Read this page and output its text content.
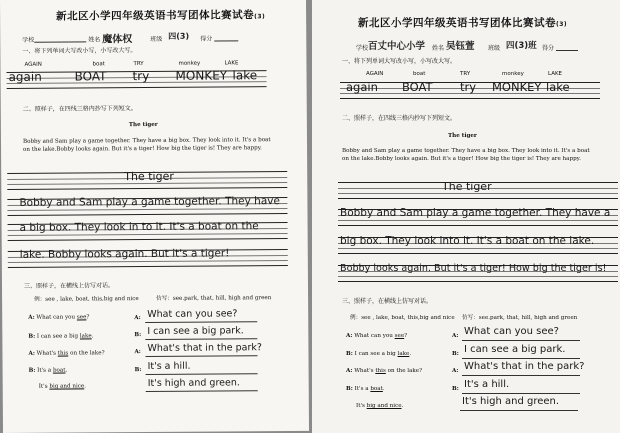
新北区小学四年级英语书写团体比赛试卷(3)
学校	姓名 魔体权	班级 四(3) 得分
一、将下列单词大写改小写，小写改大写。
AGAIN	boat	TRY	monkey	LAKE
again	BOAT try MONKEY lake
二、照样子，在四线三格内抄写下列短文。
The tiger
Bobby and Sam play a game together. They have a big box. They look into it. It's a boat on the lake.Bobby looks again. But it's a tiger! How big the tiger is! They are happy.
The tiger
Bobby and Sam play a game together. They have
a big box. They look in to it. It's a boat on the
lake. Bobby looks again. But it's a tiger!
三、照样子，在横线上仿写对话。
例：see , lake, boat, this,big and nice	仿写：see.park, that, hill, high and green
A: What can you see?
B: I can see a big lake.
A: What's this on the lake?
B: It's a boat.
It's big and nice.
A:
B:
A:
B:
What can you see?
I can see a big park.
What's that in the park?
It's a hill.
It's high and green.
新北区小学四年级英语书写团体比赛试卷(3)
学校 百丈中心小学 姓名 吴钰萱 班级 四(3)班 得分
一、将下列单词大写改小写，小写改大写。
AGAIN	boat	TRY	monkey	LAKE
again BOAT try MONKEY lake
二、照样子，在四线三格内抄写下列短文。
The tiger
Bobby and Sam play a game together. They have a big box. They look into it. It's a boat on the lake.Bobby looks again. But it's a tiger! How big the tiger is! They are happy.
The tiger
Bobby and Sam play a game together. They have a
big box. They look into it. It's a boat on the lake.
Bobby looks again. But it's a tiger! How big the tiger is!
三、照样子，在横线上仿写对话。
例：see , lake, boat, this,big and nice 仿写：see.park, that, hill, high and green
A: What can you see?
B: I can see a big lake.
A: What's this on the lake?
B: It's a boat.
It's big and nice.
A:
B:
A:
B:
What can you see?
I can see a big park.
What's that in the park?
It's a hill.
It's high and green.
